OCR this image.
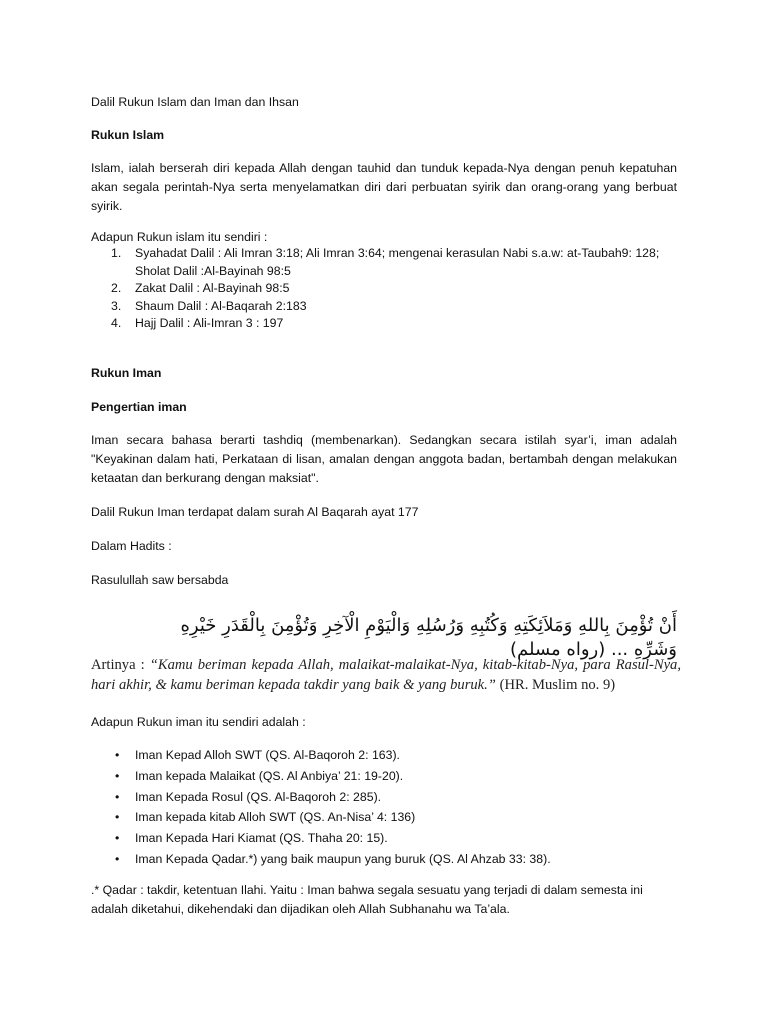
Dalil Rukun Islam dan Iman dan Ihsan

Rukun Islam

Islam, ialah berserah diri kepada Allah dengan tauhid dan tunduk kepada-Nya dengan penuh kepatuhan akan segala perintah-Nya serta menyelamatkan diri dari perbuatan syirik dan orang-orang yang berbuat syirik.

Adapun Rukun islam itu sendiri :

1. Syahadat Dalil : Ali Imran 3:18; Ali Imran 3:64; mengenai kerasulan Nabi s.a.w: at-Taubah9: 128; Sholat Dalil :Al-Bayinah 98:5
2. Zakat Dalil : Al-Bayinah 98:5
3. Shaum Dalil : Al-Baqarah 2:183
4. Hajj Dalil : Ali-Imran 3 : 197

Rukun Iman

Pengertian iman

Iman secara bahasa berarti tashdiq (membenarkan). Sedangkan secara istilah syar’i, iman adalah "Keyakinan dalam hati, Perkataan di lisan, amalan dengan anggota badan, bertambah dengan melakukan ketaatan dan berkurang dengan maksiat".

Dalil Rukun Iman terdapat dalam surah Al Baqarah ayat 177

Dalam Hadits :

Rasulullah saw bersabda

أَنْ تُؤْمِنَ بِاللهِ وَمَلاَئِكَتِهِ وَكُتُبِهِ وَرُسُلِهِ وَالْيَوْمِ الْآخِرِ وَتُؤْمِنَ بِالْقَدَرِ خَيْرِهِ وَشَرِّهِ ... (رواه مسلم)

Artinya : “Kamu beriman kepada Allah, malaikat-malaikat-Nya, kitab-kitab-Nya, para Rasul-Nya, hari akhir, & kamu beriman kepada takdir yang baik & yang buruk.” (HR. Muslim no. 9)

Adapun Rukun iman itu sendiri adalah :

• Iman Kepad Alloh SWT (QS. Al-Baqoroh 2: 163).
• Iman kepada Malaikat (QS. Al Anbiya’ 21: 19-20).
• Iman Kepada Rosul (QS. Al-Baqoroh 2: 285).
• Iman kepada kitab Alloh SWT (QS. An-Nisa’ 4: 136)
• Iman Kepada Hari Kiamat (QS. Thaha 20: 15).
• Iman Kepada Qadar.*) yang baik maupun yang buruk (QS. Al Ahzab 33: 38).

.* Qadar : takdir, ketentuan Ilahi. Yaitu : Iman bahwa segala sesuatu yang terjadi di dalam semesta ini adalah diketahui, dikehendaki dan dijadikan oleh Allah Subhanahu wa Ta’ala.
